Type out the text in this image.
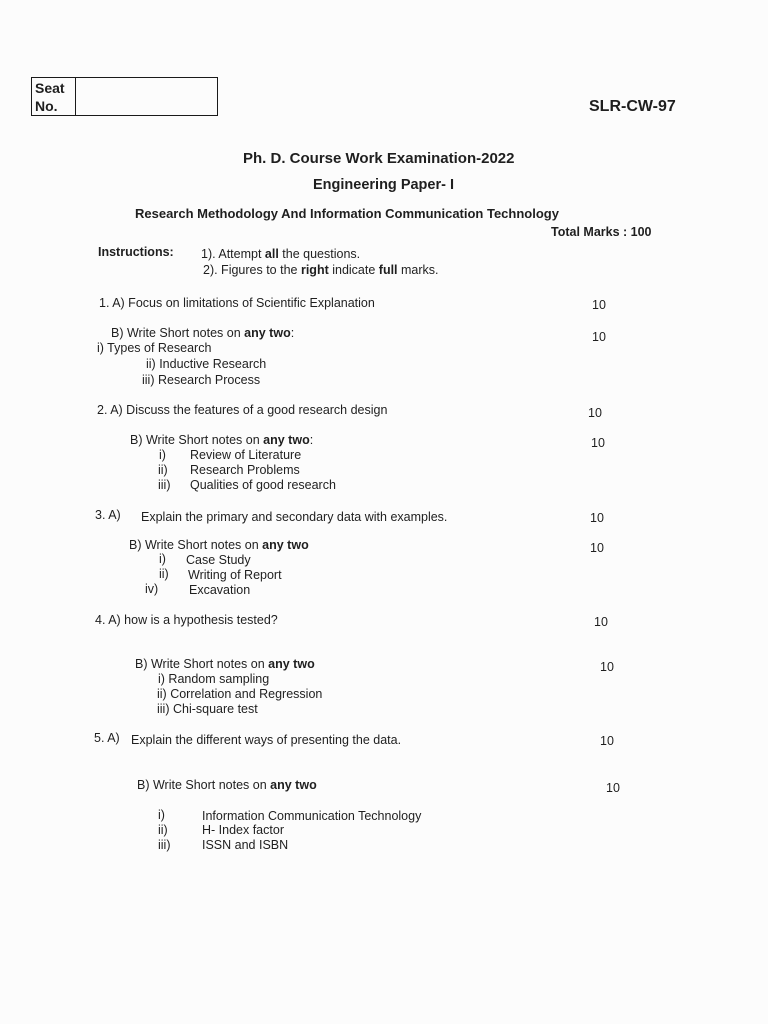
Seat
No.	SLR-CW-97
Ph. D. Course Work Examination-2022
Engineering Paper- I
Research Methodology And Information Communication Technology
Total Marks : 100
Instructions: 1). Attempt all the questions.
2). Figures to the right indicate full marks.
1. A) Focus on limitations of Scientific Explanation	10
B) Write Short notes on any two:	10
i) Types of Research
ii) Inductive Research
iii) Research Process
2. A) Discuss the features of a good research design	10
B) Write Short notes on any two:	10
i) Review of Literature
ii) Research Problems
iii) Qualities of good research
3. A) Explain the primary and secondary data with examples.	10
B) Write Short notes on any two	10
i) Case Study
ii) Writing of Report
iv) Excavation
4. A) how is a hypothesis tested?	10
B) Write Short notes on any two	10
i) Random sampling
ii) Correlation and Regression
iii) Chi-square test
5. A) Explain the different ways of presenting the data.	10
B) Write Short notes on any two	10
i)	Information Communication Technology
ii)	H- Index factor
iii)	ISSN and ISBN
